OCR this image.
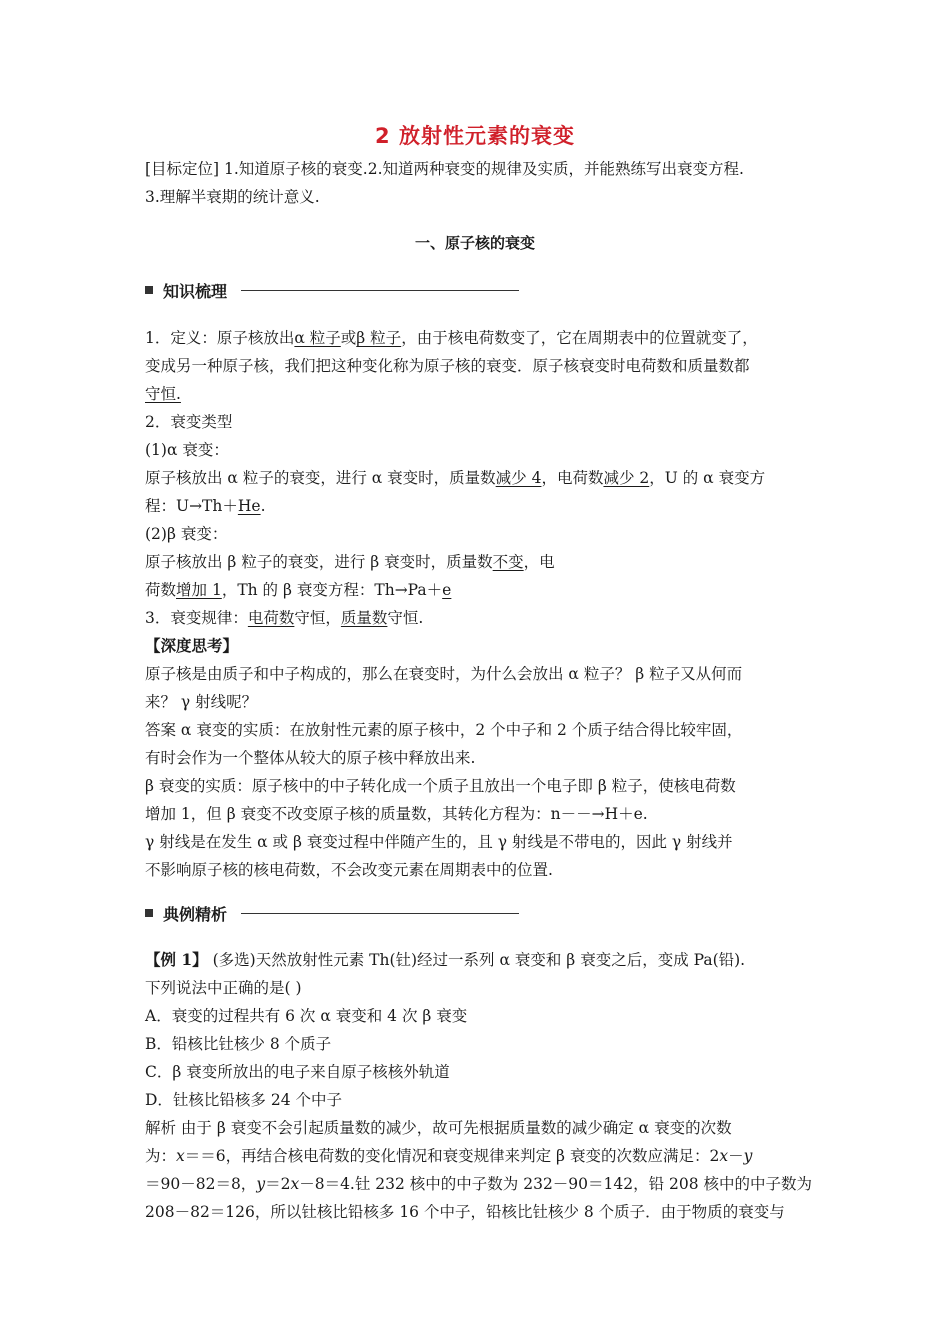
2 放射性元素的衰变
[目标定位] 1.知道原子核的衰变.2.知道两种衰变的规律及实质，并能熟练写出衰变方程.
3.理解半衰期的统计意义.
一、原子核的衰变
知识梳理
1．定义：原子核放出α 粒子或β 粒子，由于核电荷数变了，它在周期表中的位置就变了，
变成另一种原子核，我们把这种变化称为原子核的衰变．原子核衰变时电荷数和质量数都
守恒.
2．衰变类型
(1)α 衰变：
原子核放出 α 粒子的衰变，进行 α 衰变时，质量数减少 4，电荷数减少 2，U 的 α 衰变方
程：U→Th＋He.
(2)β 衰变：
原子核放出 β 粒子的衰变，进行 β 衰变时，质量数不变，电
荷数增加 1，Th 的 β 衰变方程：Th→Pa＋e
3．衰变规律：电荷数守恒，质量数守恒.
【深度思考】
原子核是由质子和中子构成的，那么在衰变时，为什么会放出 α 粒子？ β 粒子又从何而
来？ γ 射线呢？
答案 α 衰变的实质：在放射性元素的原子核中，2 个中子和 2 个质子结合得比较牢固，
有时会作为一个整体从较大的原子核中释放出来.
β 衰变的实质：原子核中的中子转化成一个质子且放出一个电子即 β 粒子，使核电荷数
增加 1，但 β 衰变不改变原子核的质量数，其转化方程为：n－－→H＋e.
γ 射线是在发生 α 或 β 衰变过程中伴随产生的，且 γ 射线是不带电的，因此 γ 射线并
不影响原子核的核电荷数，不会改变元素在周期表中的位置.
典例精析
【例 1】 (多选)天然放射性元素 Th(钍)经过一系列 α 衰变和 β 衰变之后，变成 Pa(铅).
下列说法中正确的是( )
A．衰变的过程共有 6 次 α 衰变和 4 次 β 衰变
B．铅核比钍核少 8 个质子
C．β 衰变所放出的电子来自原子核核外轨道
D．钍核比铅核多 24 个中子
解析 由于 β 衰变不会引起质量数的减少，故可先根据质量数的减少确定 α 衰变的次数
为：x＝＝6，再结合核电荷数的变化情况和衰变规律来判定 β 衰变的次数应满足：2x－y
＝90－82＝8，y＝2x－8＝4.钍 232 核中的中子数为 232－90＝142，铅 208 核中的中子数为
208－82＝126，所以钍核比铅核多 16 个中子，铅核比钍核少 8 个质子．由于物质的衰变与
